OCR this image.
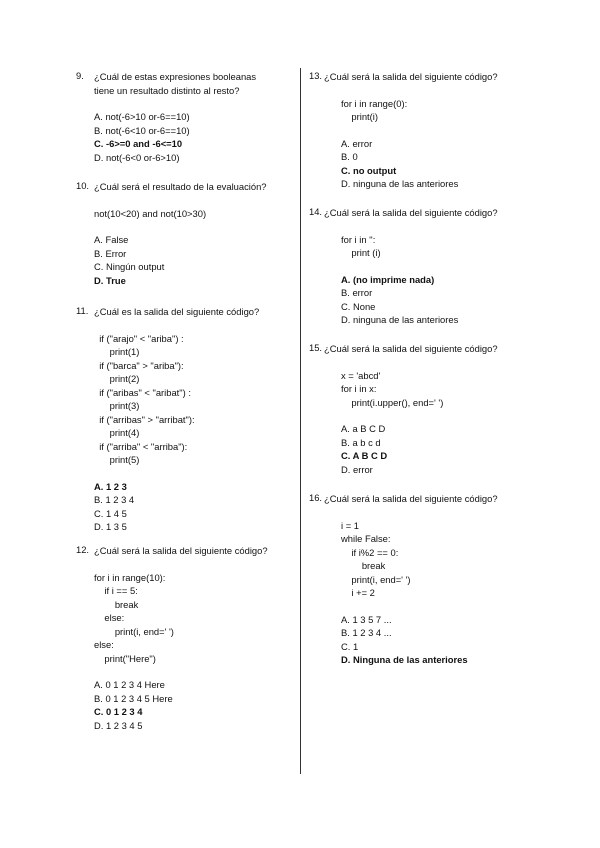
9. ¿Cuál de estas expresiones booleanas
tiene un resultado distinto al resto?
A. not(-6>10 or-6==10)
B. not(-6<10 or-6==10)
C. -6>=0 and -6<=10
D. not(-6<0 or-6>10)
10. ¿Cuál será el resultado de la evaluación?
not(10<20) and not(10>30)
A. False
B. Error
C. Ningún output
D. True
11. ¿Cuál es la salida del siguiente código?
if ("arajo" < "ariba") :
print(1)
if ("barca" > "ariba"):
print(2)
if ("aribas" < "aribat") :
print(3)
if ("arribas" > "arribat"):
print(4)
if ("arriba" < "arriba"):
print(5)
A. 1 2 3
B. 1 2 3 4
C. 1 4 5
D. 1 3 5
12. ¿Cuál será la salida del siguiente código?
for i in range(10):
if i == 5:
break
else:
print(i, end=' ')
else:
print("Here")
A. 0 1 2 3 4 Here
B. 0 1 2 3 4 5 Here
C. 0 1 2 3 4
D. 1 2 3 4 5
13. ¿Cuál será la salida del siguiente código?
for i in range(0):
print(i)
A. error
B. 0
C. no output
D. ninguna de las anteriores
14. ¿Cuál será la salida del siguiente código?
for i in '':
print (i)
A. (no imprime nada)
B. error
C. None
D. ninguna de las anteriores
15. ¿Cuál será la salida del siguiente código?
x = 'abcd'
for i in x:
print(i.upper(), end=' ')
A. a B C D
B. a b c d
C. A B C D
D. error
16. ¿Cuál será la salida del siguiente código?
i = 1
while False:
if i%2 == 0:
break
print(i, end=' ')
i += 2
A. 1 3 5 7 ...
B. 1 2 3 4 ...
C. 1
D. Ninguna de las anteriores
